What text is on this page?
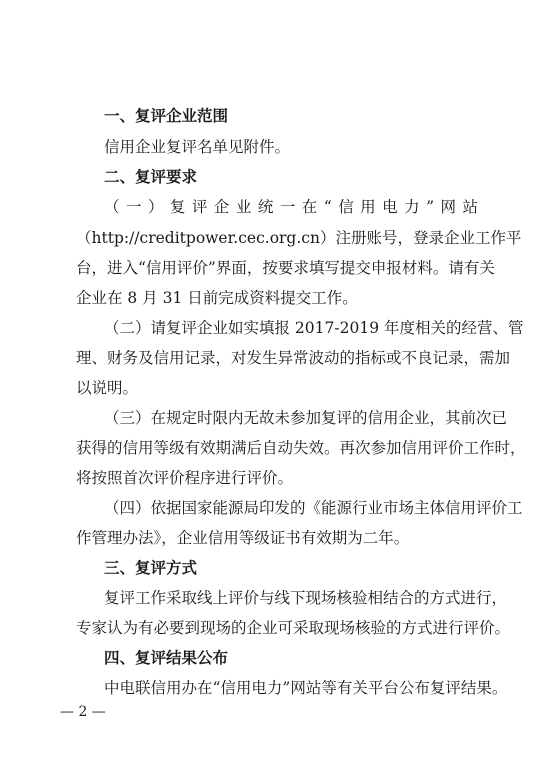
一、复评企业范围
信用企业复评名单见附件。
二、复评要求
（一）复评企业统一在“信用电力”网站
（http://creditpower.cec.org.cn）注册账号，登录企业工作平
台，进入“信用评价”界面，按要求填写提交申报材料。请有关
企业在 8 月 31 日前完成资料提交工作。
（二）请复评企业如实填报 2017-2019 年度相关的经营、管
理、财务及信用记录，对发生异常波动的指标或不良记录，需加
以说明。
（三）在规定时限内无故未参加复评的信用企业，其前次已
获得的信用等级有效期满后自动失效。再次参加信用评价工作时，
将按照首次评价程序进行评价。
（四）依据国家能源局印发的《能源行业市场主体信用评价工
作管理办法》，企业信用等级证书有效期为二年。
三、复评方式
复评工作采取线上评价与线下现场核验相结合的方式进行，
专家认为有必要到现场的企业可采取现场核验的方式进行评价。
四、复评结果公布
中电联信用办在“信用电力”网站等有关平台公布复评结果。
— 2 —
